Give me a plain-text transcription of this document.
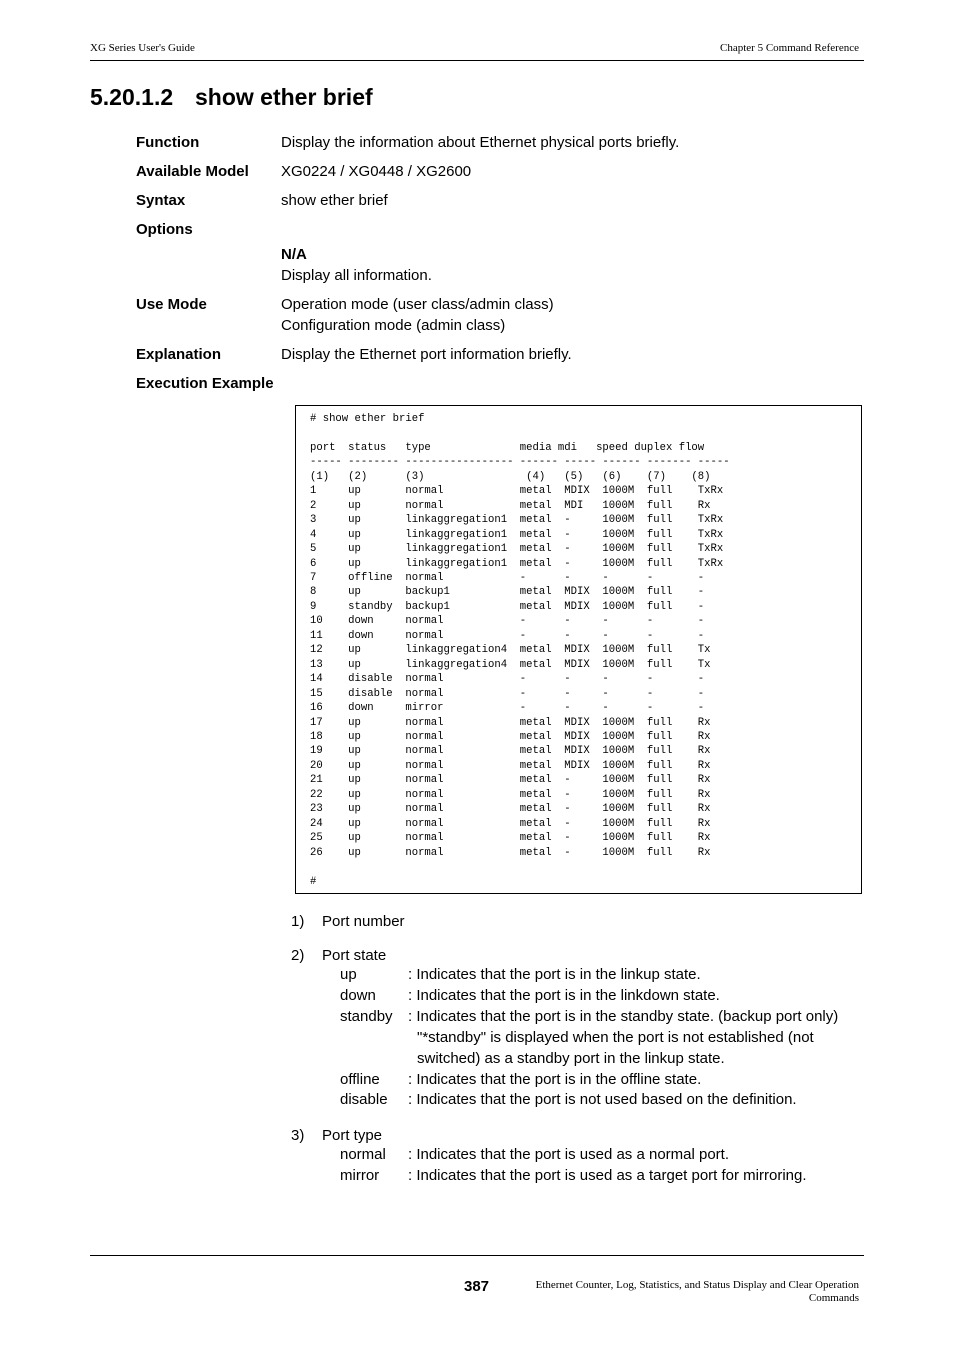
XG Series User's Guide	Chapter 5 Command Reference
5.20.1.2 show ether brief
Function	Display the information about Ethernet physical ports briefly.
Available Model XG0224 / XG0448 / XG2600
Syntax	show ether brief
Options
N/A
Display all information.
Use Mode	Operation mode (user class/admin class)
Configuration mode (admin class)
Explanation	Display the Ethernet port information briefly.
Execution Example
# show ether brief

port  status   type              media mdi   speed duplex flow
----- -------- ----------------- ------ ----- ------ ------- -----
(1)   (2)      (3)                (4)   (5)   (6)    (7)    (8)
1     up       normal            metal  MDIX  1000M  full    TxRx
2     up       normal            metal  MDI   1000M  full    Rx
3     up       linkaggregation1  metal  -     1000M  full    TxRx
4     up       linkaggregation1  metal  -     1000M  full    TxRx
5     up       linkaggregation1  metal  -     1000M  full    TxRx
6     up       linkaggregation1  metal  -     1000M  full    TxRx
7     offline  normal            -      -     -      -       -
8     up       backup1           metal  MDIX  1000M  full    -
9     standby  backup1           metal  MDIX  1000M  full    -
10    down     normal            -      -     -      -       -
11    down     normal            -      -     -      -       -
12    up       linkaggregation4  metal  MDIX  1000M  full    Tx
13    up       linkaggregation4  metal  MDIX  1000M  full    Tx
14    disable  normal            -      -     -      -       -
15    disable  normal            -      -     -      -       -
16    down     mirror            -      -     -      -       -
17    up       normal            metal  MDIX  1000M  full    Rx
18    up       normal            metal  MDIX  1000M  full    Rx
19    up       normal            metal  MDIX  1000M  full    Rx
20    up       normal            metal  MDIX  1000M  full    Rx
21    up       normal            metal  -     1000M  full    Rx
22    up       normal            metal  -     1000M  full    Rx
23    up       normal            metal  -     1000M  full    Rx
24    up       normal            metal  -     1000M  full    Rx
25    up       normal            metal  -     1000M  full    Rx
26    up       normal            metal  -     1000M  full    Rx

#
1) Port number
2) Port state
up	: Indicates that the port is in the linkup state.
down : Indicates that the port is in the linkdown state.
standby : Indicates that the port is in the standby state. (backup port only)
"*standby" is displayed when the port is not established (not
switched) as a standby port in the linkup state.
offline : Indicates that the port is in the offline state.
disable : Indicates that the port is not used based on the definition.
3) Port type
normal : Indicates that the port is used as a normal port.
mirror : Indicates that the port is used as a target port for mirroring.
387	Ethernet Counter, Log, Statistics, and Status Display and Clear Operation
Commands
